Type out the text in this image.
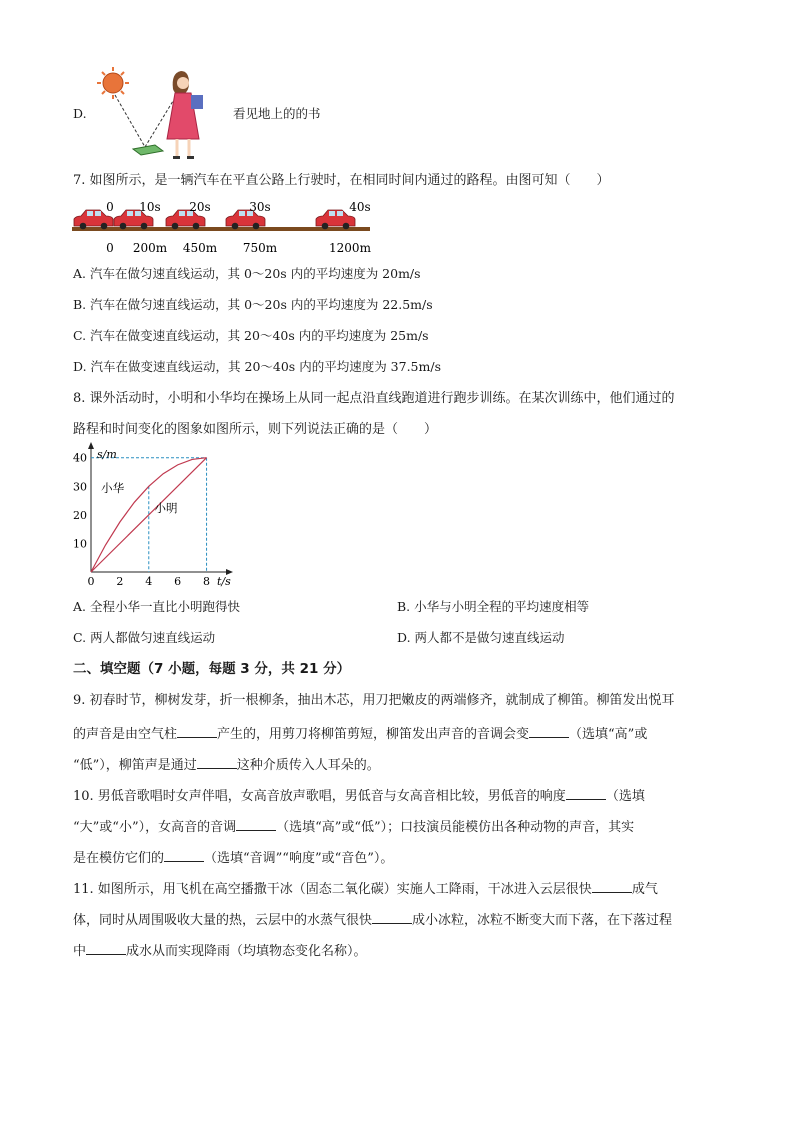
D.	看见地上的的书
7. 如图所示，是一辆汽车在平直公路上行驶时，在相同时间内通过的路程。由图可知（　　）
0 10s 20s	30s	40s
0 200m 450m 750m	1200m
A. 汽车在做匀速直线运动，其 0～20s 内的平均速度为 20m/s
B. 汽车在做匀速直线运动，其 0～20s 内的平均速度为 22.5m/s
C. 汽车在做变速直线运动，其 20～40s 内的平均速度为 25m/s
D. 汽车在做变速直线运动，其 20～40s 内的平均速度为 37.5m/s
8. 课外活动时，小明和小华均在操场上从同一起点沿直线跑道进行跑步训练。在某次训练中，他们通过的
路程和时间变化的图象如图所示，则下列说法正确的是（　　）
0 2 4 6 8
10
20
30
40 s/m
t/s
小华
小明
A. 全程小华一直比小明跑得快	B. 小华与小明全程的平均速度相等
C. 两人都做匀速直线运动	D. 两人都不是做匀速直线运动
二、填空题（7 小题，每题 3 分，共 21 分）
9. 初春时节，柳树发芽，折一根柳条，抽出木芯，用刀把嫩皮的两端修齐，就制成了柳笛。柳笛发出悦耳
的声音是由空气柱	产生的，用剪刀将柳笛剪短，柳笛发出声音的音调会变	（选填“高”或
“低”），柳笛声是通过	这种介质传入人耳朵的。
10. 男低音歌唱时女声伴唱，女高音放声歌唱，男低音与女高音相比较，男低音的响度	（选填
“大”或“小”），女高音的音调	（选填“高”或“低”）；口技演员能模仿出各种动物的声音，其实
是在模仿它们的	（选填“音调”“响度”或“音色”）。
11. 如图所示，用飞机在高空播撒干冰（固态二氧化碳）实施人工降雨，干冰进入云层很快	成气
体，同时从周围吸收大量的热，云层中的水蒸气很快	成小冰粒，冰粒不断变大而下落，在下落过程
中	成水从而实现降雨（均填物态变化名称）。
